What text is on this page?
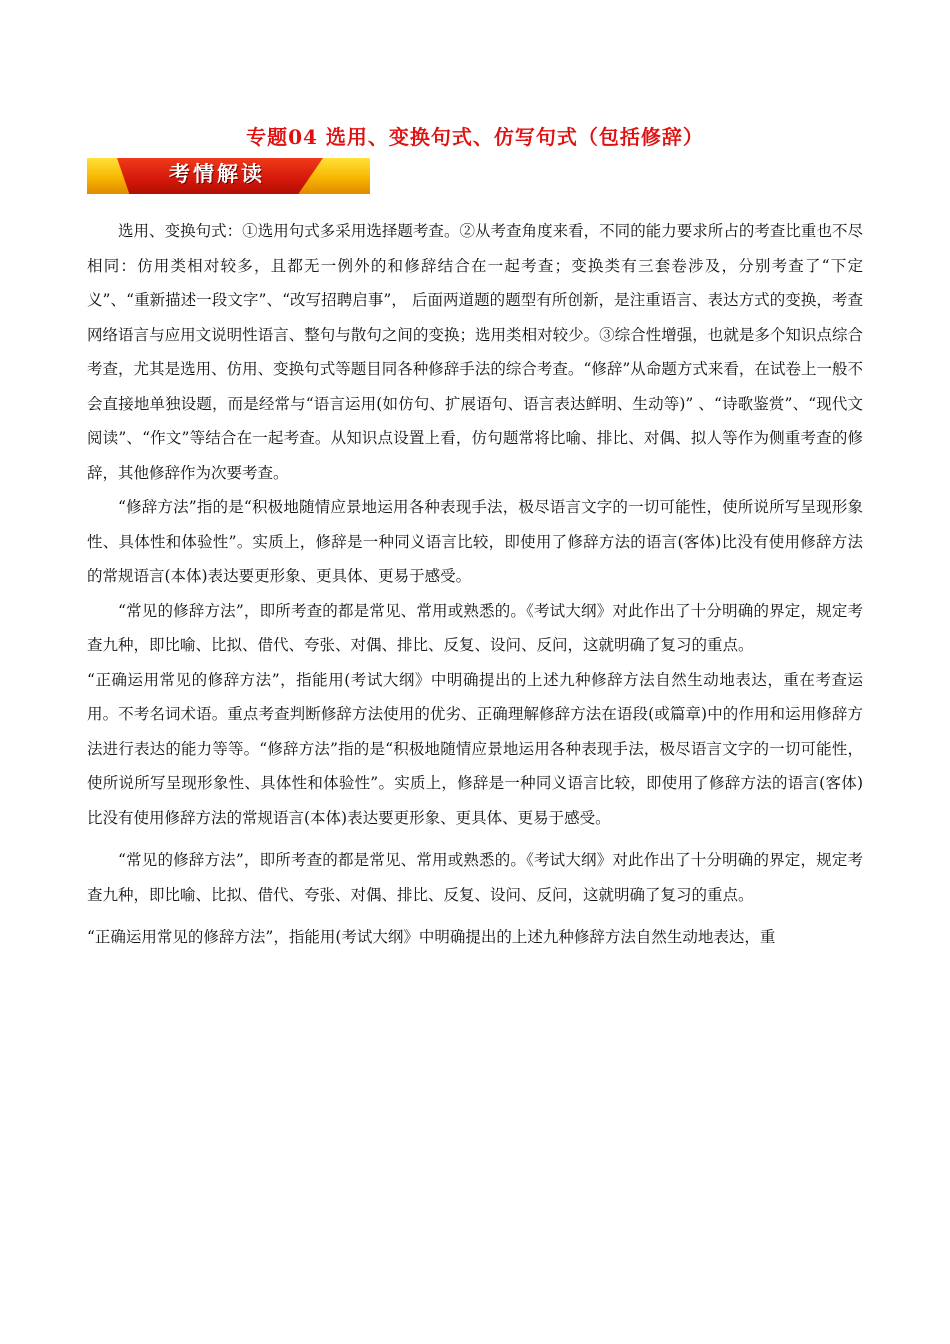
专题04 选用、变换句式、仿写句式（包括修辞）
考情解读

选用、变换句式：①选用句式多采用选择题考查。②从考查角度来看，不同的能力要求所占的考查比重也不尽相同：仿用类相对较多，且都无一例外的和修辞结合在一起考查；变换类有三套卷涉及，分别考查了“下定义”、“重新描述一段文字”、“改写招聘启事”， 后面两道题的题型有所创新，是注重语言、表达方式的变换，考查网络语言与应用文说明性语言、整句与散句之间的变换；选用类相对较少。③综合性增强，也就是多个知识点综合考查，尤其是选用、仿用、变换句式等题目同各种修辞手法的综合考查。“修辞”从命题方式来看，在试卷上一般不会直接地单独设题，而是经常与“语言运用(如仿句、扩展语句、语言表达鲜明、生动等)” 、“诗歌鉴赏”、“现代文阅读”、“作文”等结合在一起考查。从知识点设置上看，仿句题常将比喻、排比、对偶、拟人等作为侧重考查的修辞，其他修辞作为次要考查。

“修辞方法”指的是“积极地随情应景地运用各种表现手法，极尽语言文字的一切可能性，使所说所写呈现形象性、具体性和体验性”。实质上，修辞是一种同义语言比较，即使用了修辞方法的语言(客体)比没有使用修辞方法的常规语言(本体)表达要更形象、更具体、更易于感受。

“常见的修辞方法”，即所考查的都是常见、常用或熟悉的。《考试大纲》对此作出了十分明确的界定，规定考查九种，即比喻、比拟、借代、夸张、对偶、排比、反复、设问、反问，这就明确了复习的重点。

“正确运用常见的修辞方法”，指能用(考试大纲》中明确提出的上述九种修辞方法自然生动地表达，重在考查运用。不考名词术语。重点考查判断修辞方法使用的优劣、正确理解修辞方法在语段(或篇章)中的作用和运用修辞方法进行表达的能力等等。“修辞方法”指的是“积极地随情应景地运用各种表现手法，极尽语言文字的一切可能性，使所说所写呈现形象性、具体性和体验性”。实质上，修辞是一种同义语言比较，即使用了修辞方法的语言(客体)比没有使用修辞方法的常规语言(本体)表达要更形象、更具体、更易于感受。

“常见的修辞方法”，即所考查的都是常见、常用或熟悉的。《考试大纲》对此作出了十分明确的界定，规定考查九种，即比喻、比拟、借代、夸张、对偶、排比、反复、设问、反问，这就明确了复习的重点。

“正确运用常见的修辞方法”，指能用(考试大纲》中明确提出的上述九种修辞方法自然生动地表达，重
